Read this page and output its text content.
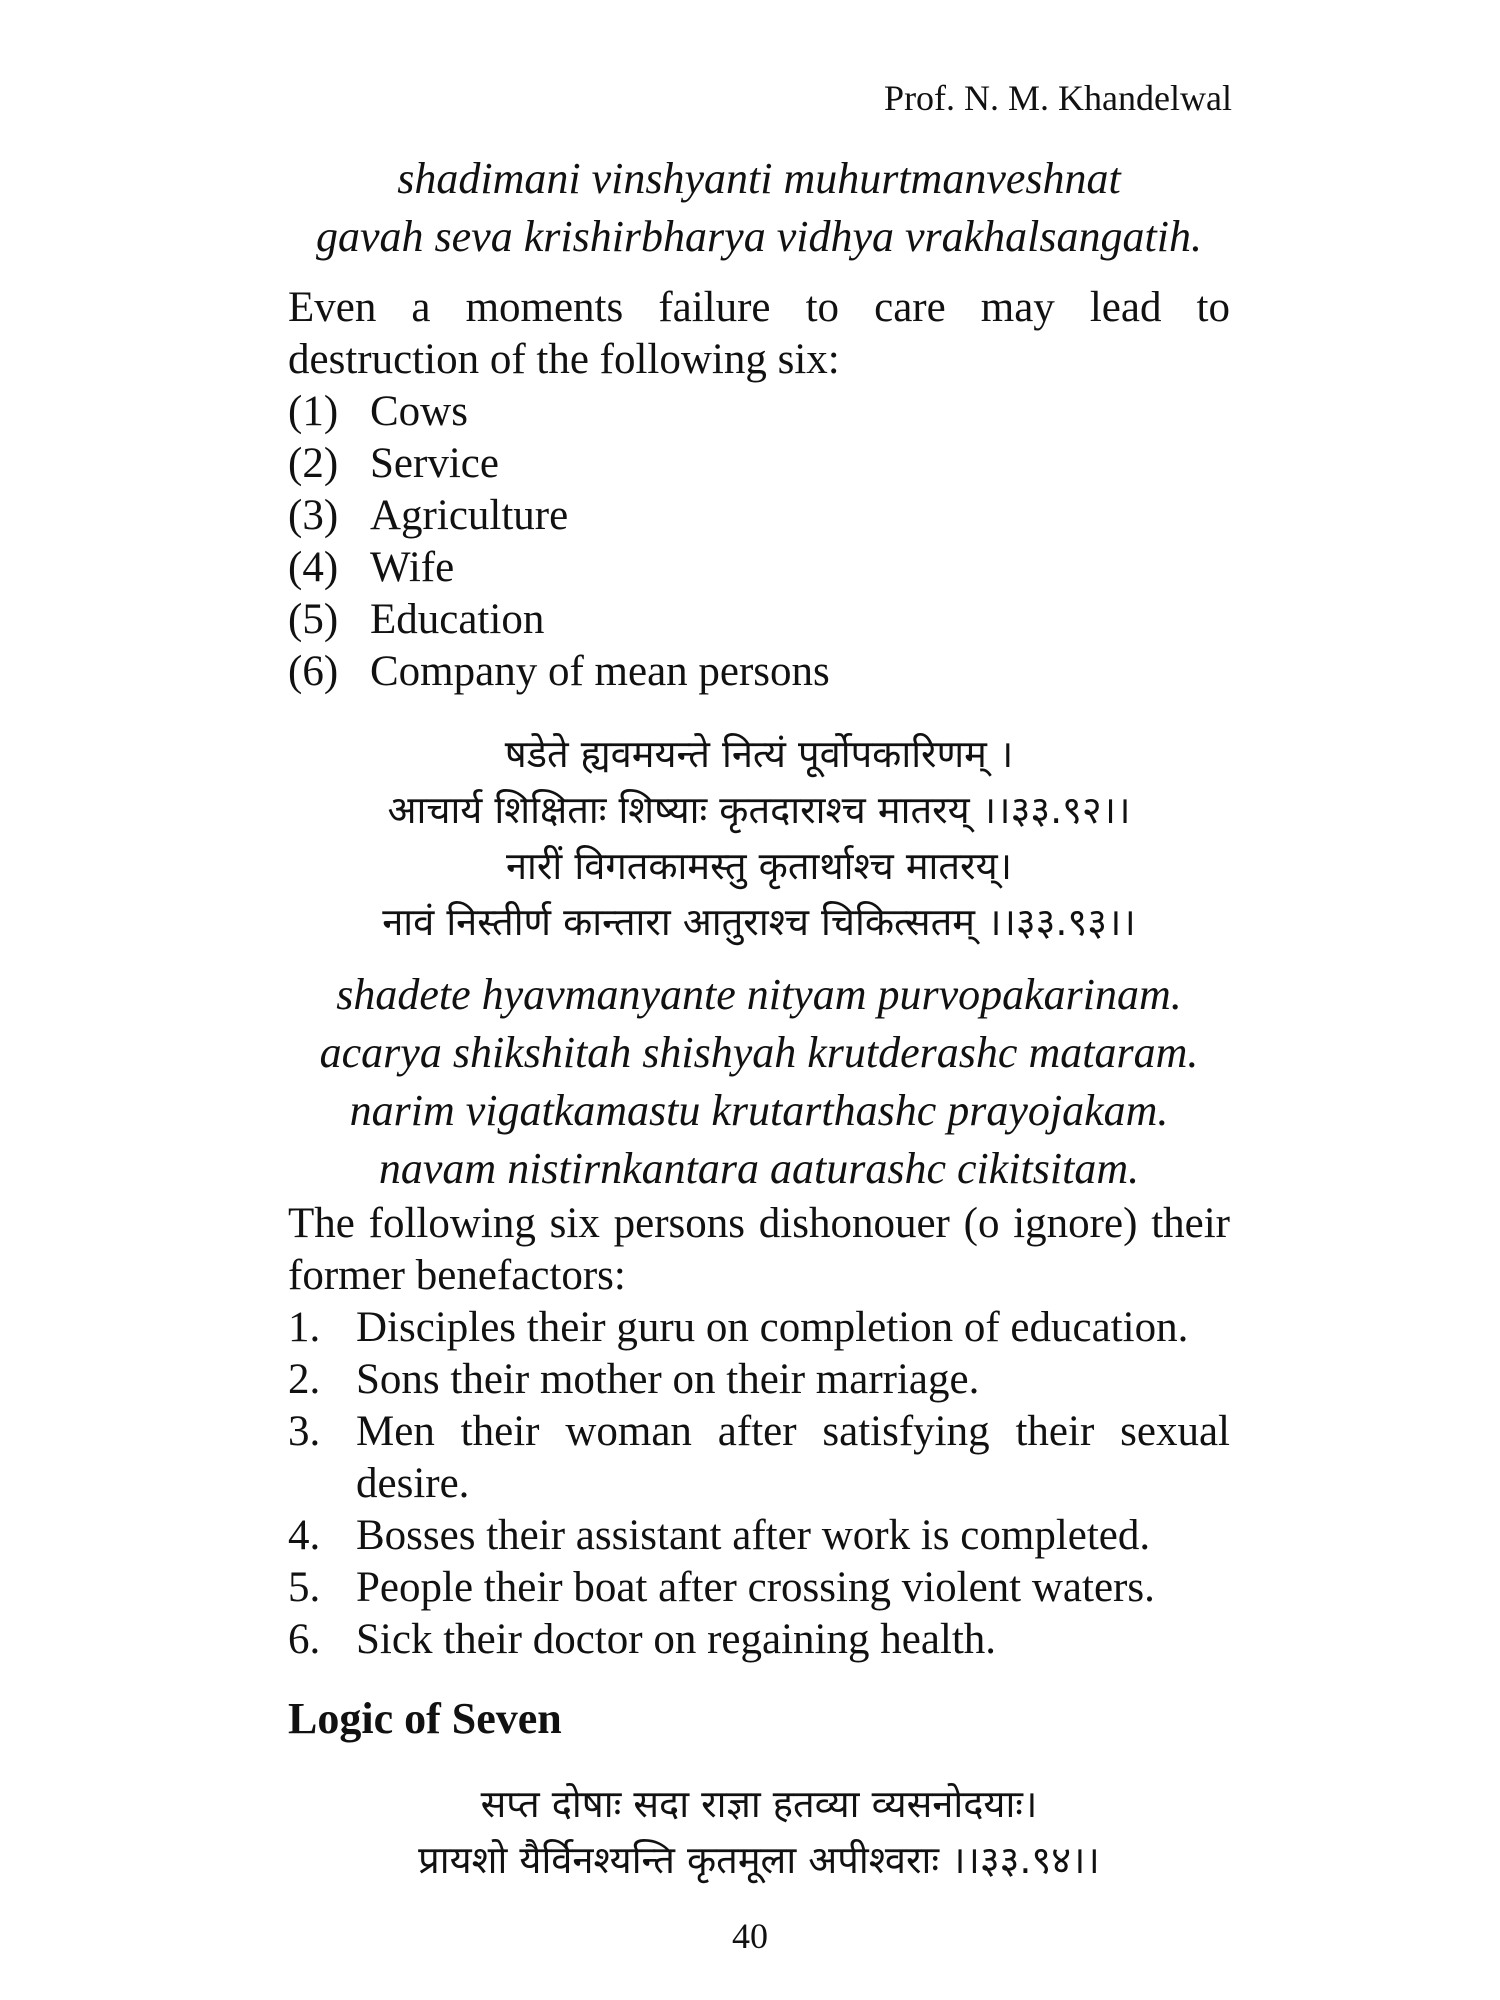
Prof. N. M. Khandelwal
shadimani vinshyanti muhurtmanveshnat
gavah seva krishirbharya vidhya vrakhalsangatih.
Even a moments failure to care may lead to destruction of the following six:
(1) Cows
(2) Service
(3) Agriculture
(4) Wife
(5) Education
(6) Company of mean persons
षडेते ह्यवमयन्ते नित्यं पूर्वोपकारिणम् ।
आचार्य शिक्षिताः शिष्याः कृतदाराश्च मातरय् ।।३३.९२।।
नारीं विगतकामस्तु कृतार्थाश्च मातरय्।
नावं निस्तीर्ण कान्तारा आतुराश्च चिकित्सतम् ।।३३.९३।।
shadete hyavmanyante nityam purvopakarinam.
acarya shikshitah shishyah krutderashc mataram.
narim vigatkamastu krutarthashc prayojakam.
navam nistirnkantara aaturashc cikitsitam.
The following six persons dishonouer (o ignore) their former benefactors:
1. Disciples their guru on completion of education.
2. Sons their mother on their marriage.
3. Men their woman after satisfying their sexual desire.
4. Bosses their assistant after work is completed.
5. People their boat after crossing violent waters.
6. Sick their doctor on regaining health.
Logic of Seven
सप्त दोषाः सदा राज्ञा हतव्या व्यसनोदयाः।
प्रायशो यैर्विनश्यन्ति कृतमूला अपीश्वराः ।।३३.९४।।
40
